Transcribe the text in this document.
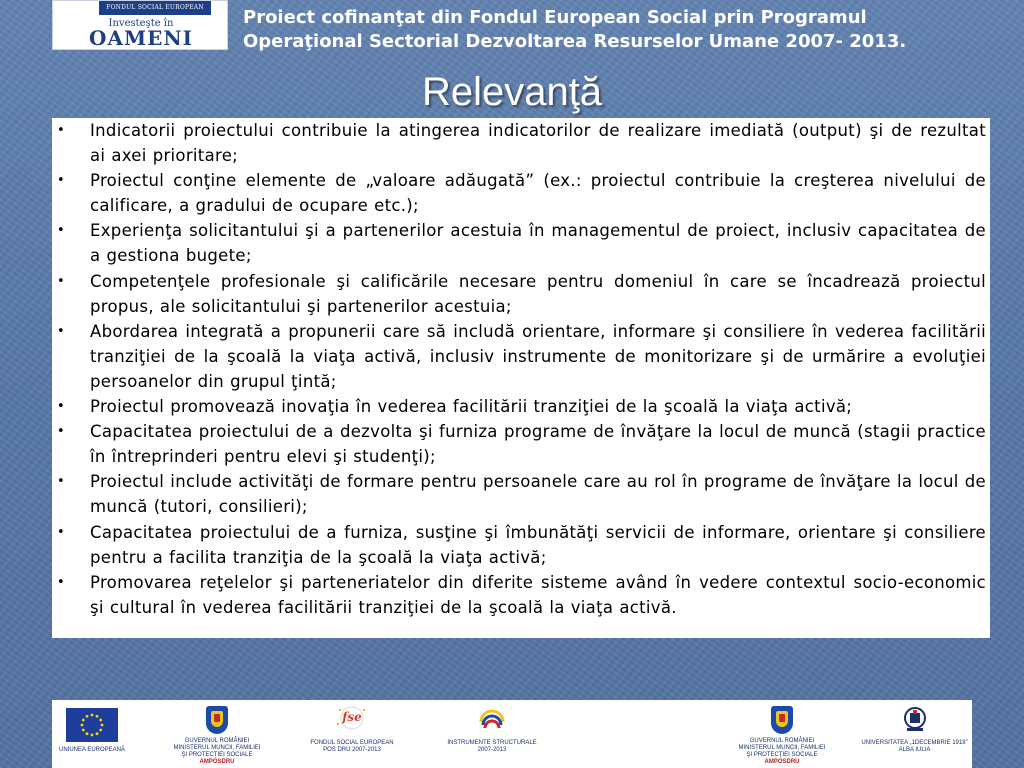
FONDUL SOCIAL EUROPEAN
Investeşte în
OAMENI
Proiect cofinanţat din Fondul European Social prin Programul
Operaţional Sectorial Dezvoltarea Resurselor Umane 2007- 2013.
Relevanţă
• Indicatorii proiectului contribuie la atingerea indicatorilor de realizare imediată (output) şi de rezultat ai axei prioritare;
• Proiectul conţine elemente de „valoare adăugată” (ex.: proiectul contribuie la creşterea nivelului de calificare, a gradului de ocupare etc.);
• Experienţa solicitantului şi a partenerilor acestuia în managementul de proiect, inclusiv capacitatea de a gestiona bugete;
• Competenţele profesionale şi calificările necesare pentru domeniul în care se încadrează proiectul propus, ale solicitantului şi partenerilor acestuia;
• Abordarea integrată a propunerii care să includă orientare, informare şi consiliere în vederea facilitării tranziţiei de la şcoală la viaţa activă, inclusiv instrumente de monitorizare şi de urmărire a evoluţiei persoanelor din grupul ţintă;
• Proiectul promovează inovaţia în vederea facilitării tranziţiei de la şcoală la viaţa activă;
• Capacitatea proiectului de a dezvolta şi furniza programe de învăţare la locul de muncă (stagii practice în întreprinderi pentru elevi şi studenţi);
• Proiectul include activităţi de formare pentru persoanele care au rol în programe de învăţare la locul de muncă (tutori, consilieri);
• Capacitatea proiectului de a furniza, susţine şi îmbunătăţi servicii de informare, orientare şi consiliere pentru a facilita tranziţia de la şcoală la viaţa activă;
• Promovarea reţelelor şi parteneriatelor din diferite sisteme având în vedere contextul socio-economic şi cultural în vederea facilitării tranziţiei de la şcoală la viaţa activă.
UNIUNEA EUROPEANĂ
GUVERNUL ROMÂNIEI
MINISTERUL MUNCII, FAMILIEI
ŞI PROTECŢIEI SOCIALE
AMPOSDRU
fse
FONDUL SOCIAL EUROPEAN
POS DRU 2007-2013
INSTRUMENTE STRUCTURALE
2007-2013
GUVERNUL ROMÂNIEI
MINISTERUL MUNCII, FAMILIEI
ŞI PROTECŢIEI SOCIALE
AMPOSDRU
UNIVERSITATEA „1DECEMBRIE 1918”
ALBA IULIA
